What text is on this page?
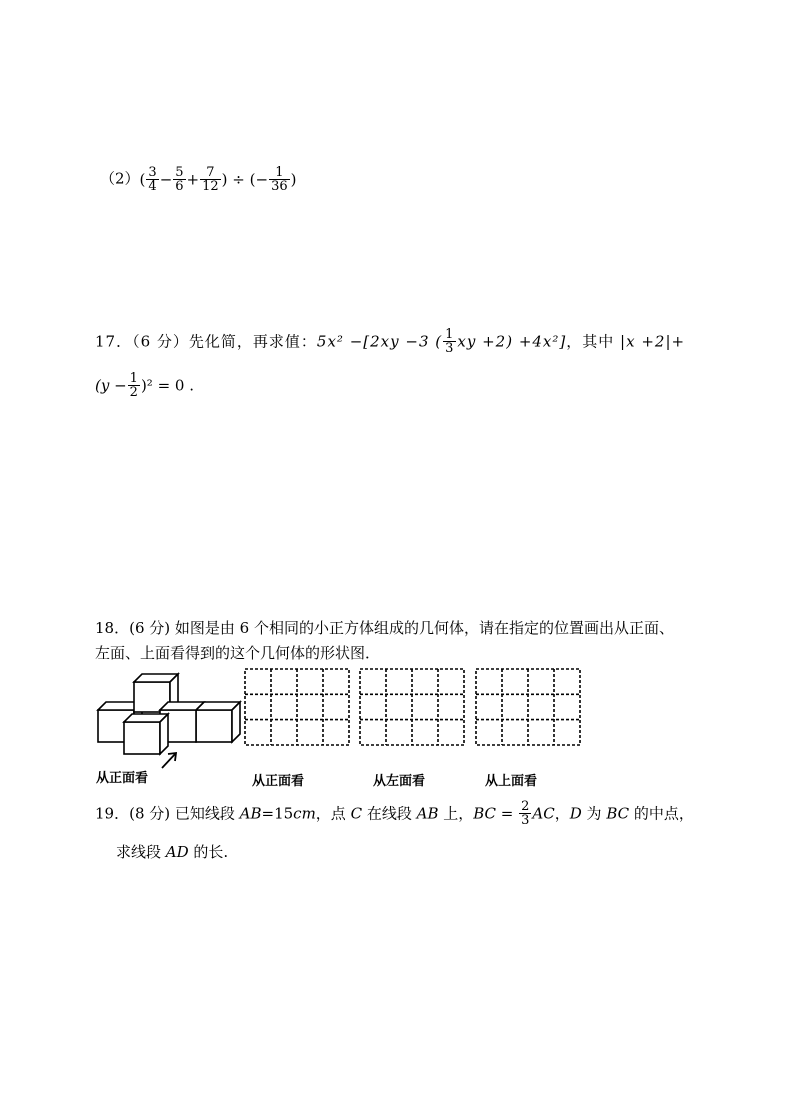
$(2)( \frac{3}{4} - \frac{5}{6} + \frac{7}{12}$ ) ÷ (− $\frac{1}{36}$ )
17．（6 分）先化简，再求值：5x² −[2xy −3 ( $\frac{1}{3}$ xy +2) +4x²]，其中 |x +2|+
$(y - \frac{1}{2} )^2 = 0$ .
18．(6 分) 如图是由 6 个相同的小正方体组成的几何体，请在指定的位置画出从正面、
左面、上面看得到的这个几何体的形状图．
从正面看	从正面看	从左面看	从上面看
19．(8 分) 已知线段 AB=15cm，点 C 在线段 AB 上，BC = $\frac{2}{3}$ AC，D 为 BC 的中点，
求线段 AD 的长.
